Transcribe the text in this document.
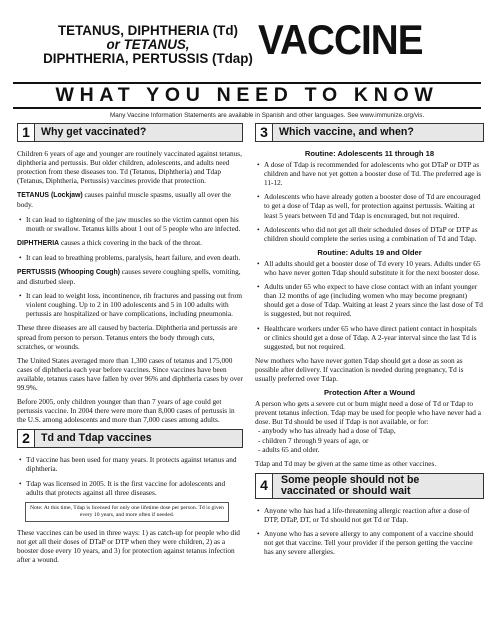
TETANUS, DIPHTHERIA (Td)
or TETANUS,
DIPHTHERIA, PERTUSSIS (Tdap) VACCINE
WHAT YOU NEED TO KNOW
Many Vaccine Information Statements are available in Spanish and other languages. See www.immunize.org/vis.
1	Why get vaccinated?

Children 6 years of age and younger are routinely vaccinated against tetanus, diphtheria and pertussis. But older children, adolescents, and adults need protection from these diseases too. Td (Tetanus, Diphtheria) and Tdap (Tetanus, Diphtheria, Pertussis) vaccines provide that protection.

TETANUS (Lockjaw) causes painful muscle spasms, usually all over the body.

• It can lead to tightening of the jaw muscles so the victim cannot open his mouth or swallow. Tetanus kills about 1 out of 5 people who are infected.

DIPHTHERIA causes a thick covering in the back of the throat.

• It can lead to breathing problems, paralysis, heart failure, and even death.

PERTUSSIS (Whooping Cough) causes severe coughing spells, vomiting, and disturbed sleep.

• It can lead to weight loss, incontinence, rib fractures and passing out from violent coughing. Up to 2 in 100 adolescents and 5 in 100 adults with pertussis are hospitalized or have complications, including pneumonia.

These three diseases are all caused by bacteria. Diphtheria and pertussis are spread from person to person. Tetanus enters the body through cuts, scratches, or wounds.

The United States averaged more than 1,300 cases of tetanus and 175,000 cases of diphtheria each year before vaccines. Since vaccines have been available, tetanus cases have fallen by over 96% and diphtheria cases by over 99.9%.

Before 2005, only children younger than than 7 years of age could get pertussis vaccine. In 2004 there were more than 8,000 cases of pertussis in the U.S. among adolescents and more than 7,000 cases among adults.

2	Td and Tdap vaccines
• Td vaccine has been used for many years. It protects against tetanus and diphtheria.
• Tdap was licensed in 2005. It is the first vaccine for adolescents and adults that protects against all three diseases.
Note: At this time, Tdap is licensed for only one lifetime dose per person. Td is given every 10 years, and more often if needed.

These vaccines can be used in three ways: 1) as catch-up for people who did not get all their doses of DTaP or DTP when they were children, 2) as a booster dose every 10 years, and 3) for protection against tetanus infection after a wound.

3	Which vaccine, and when?
Routine: Adolescents 11 through 18
• A dose of Tdap is recommended for adolescents who got DTaP or DTP as children and have not yet gotten a booster dose of Td. The preferred age is 11-12.
• Adolescents who have already gotten a booster dose of Td are encouraged to get a dose of Tdap as well, for protection against pertussis. Waiting at least 5 years between Td and Tdap is encouraged, but not required.
• Adolescents who did not get all their scheduled doses of DTaP or DTP as children should complete the series using a combination of Td and Tdap.
Routine: Adults 19 and Older
• All adults should get a booster dose of Td every 10 years. Adults under 65 who have never gotten Tdap should substitute it for the next booster dose.
• Adults under 65 who expect to have close contact with an infant younger than 12 months of age (including women who may become pregnant) should get a dose of Tdap. Waiting at least 2 years since the last dose of Td is suggested, but not required.
• Healthcare workers under 65 who have direct patient contact in hospitals or clinics should get a dose of Tdap. A 2-year interval since the last Td is suggested, but not required.

New mothers who have never gotten Tdap should get a dose as soon as possible after delivery. If vaccination is needed during pregnancy, Td is usually preferred over Tdap.

Protection After a Wound

A person who gets a severe cut or burn might need a dose of Td or Tdap to prevent tetanus infection. Tdap may be used for people who have never had a dose. But Td should be used if Tdap is not available, or for:

- anybody who has already had a dose of Tdap,
- children 7 through 9 years of age, or
- adults 65 and older.

Tdap and Td may be given at the same time as other vaccines.

4	Some people should not be
vaccinated or should wait
• Anyone who has had a life-threatening allergic reaction after a dose of DTP, DTaP, DT, or Td should not get Td or Tdap.
• Anyone who has a severe allergy to any component of a vaccine should not get that vaccine. Tell your provider if the person getting the vaccine has any severe allergies.
